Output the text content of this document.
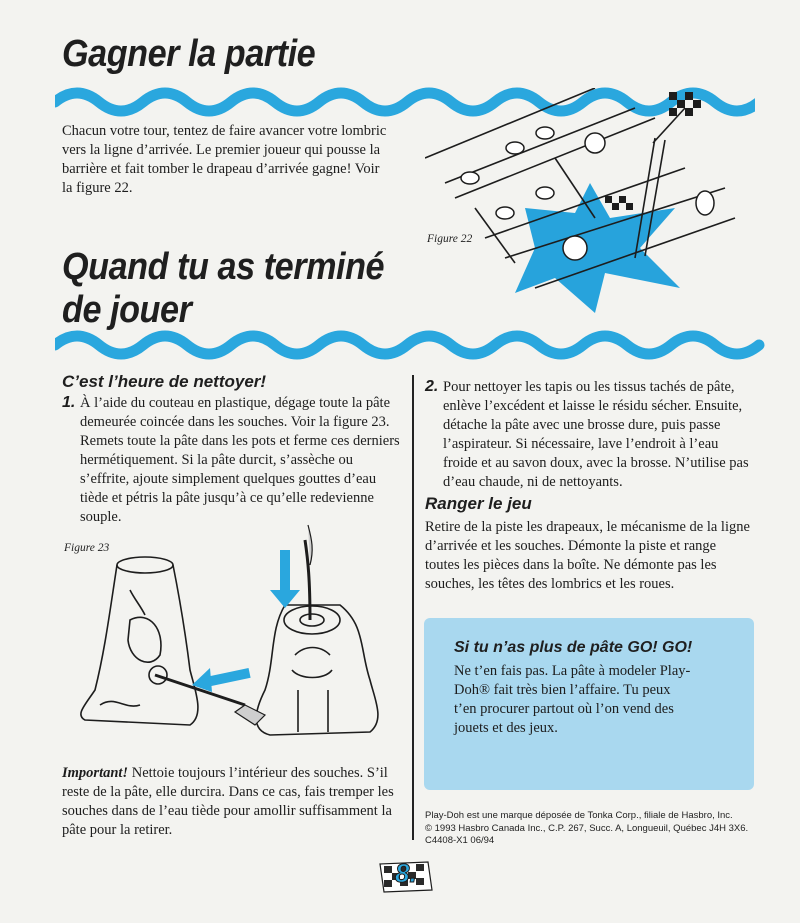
Gagner la partie
Chacun votre tour, tentez de faire avancer votre lombric vers la ligne d’arrivée. Le premier joueur qui pousse la barrière et fait tomber le drapeau d’arrivée gagne! Voir la figure 22.
Figure 22
Quand tu as terminé
de jouer
C’est l’heure de nettoyer!
1. À l’aide du couteau en plastique, dégage toute la pâte demeurée coincée dans les souches. Voir la figure 23. Remets toute la pâte dans les pots et ferme ces derniers hermétiquement. Si la pâte durcit, s’assèche ou s’effrite, ajoute simplement quelques gouttes d’eau tiède et pétris la pâte jusqu’à ce qu’elle redevienne souple.
Figure 23
Important! Nettoie toujours l’intérieur des souches. S’il reste de la pâte, elle durcira. Dans ce cas, fais tremper les souches dans de l’eau tiède pour amollir suffisamment la pâte pour la retirer.
2. Pour nettoyer les tapis ou les tissus tachés de pâte, enlève l’excédent et laisse le résidu sécher. Ensuite, détache la pâte avec une brosse dure, puis passe l’aspirateur. Si nécessaire, lave l’endroit à l’eau froide et au savon doux, avec la brosse. N’utilise pas d’eau chaude, ni de nettoyants.
Ranger le jeu
Retire de la piste les drapeaux, le mécanisme de la ligne d’arrivée et les souches. Démonte la piste et range toutes les pièces dans la boîte. Ne démonte pas les souches, les têtes des lombrics et les roues.
Si tu n’as plus de pâte GO! GO!
Ne t’en fais pas. La pâte à modeler Play-Doh® fait très bien l’affaire. Tu peux t’en procurer partout où l’on vend des jouets et des jeux.
Play-Doh est une marque déposée de Tonka Corp., filiale de Hasbro, Inc.
© 1993 Hasbro Canada Inc., C.P. 267, Succ. A, Longueuil, Québec J4H 3X6.
C4408-X1 06/94
8.
